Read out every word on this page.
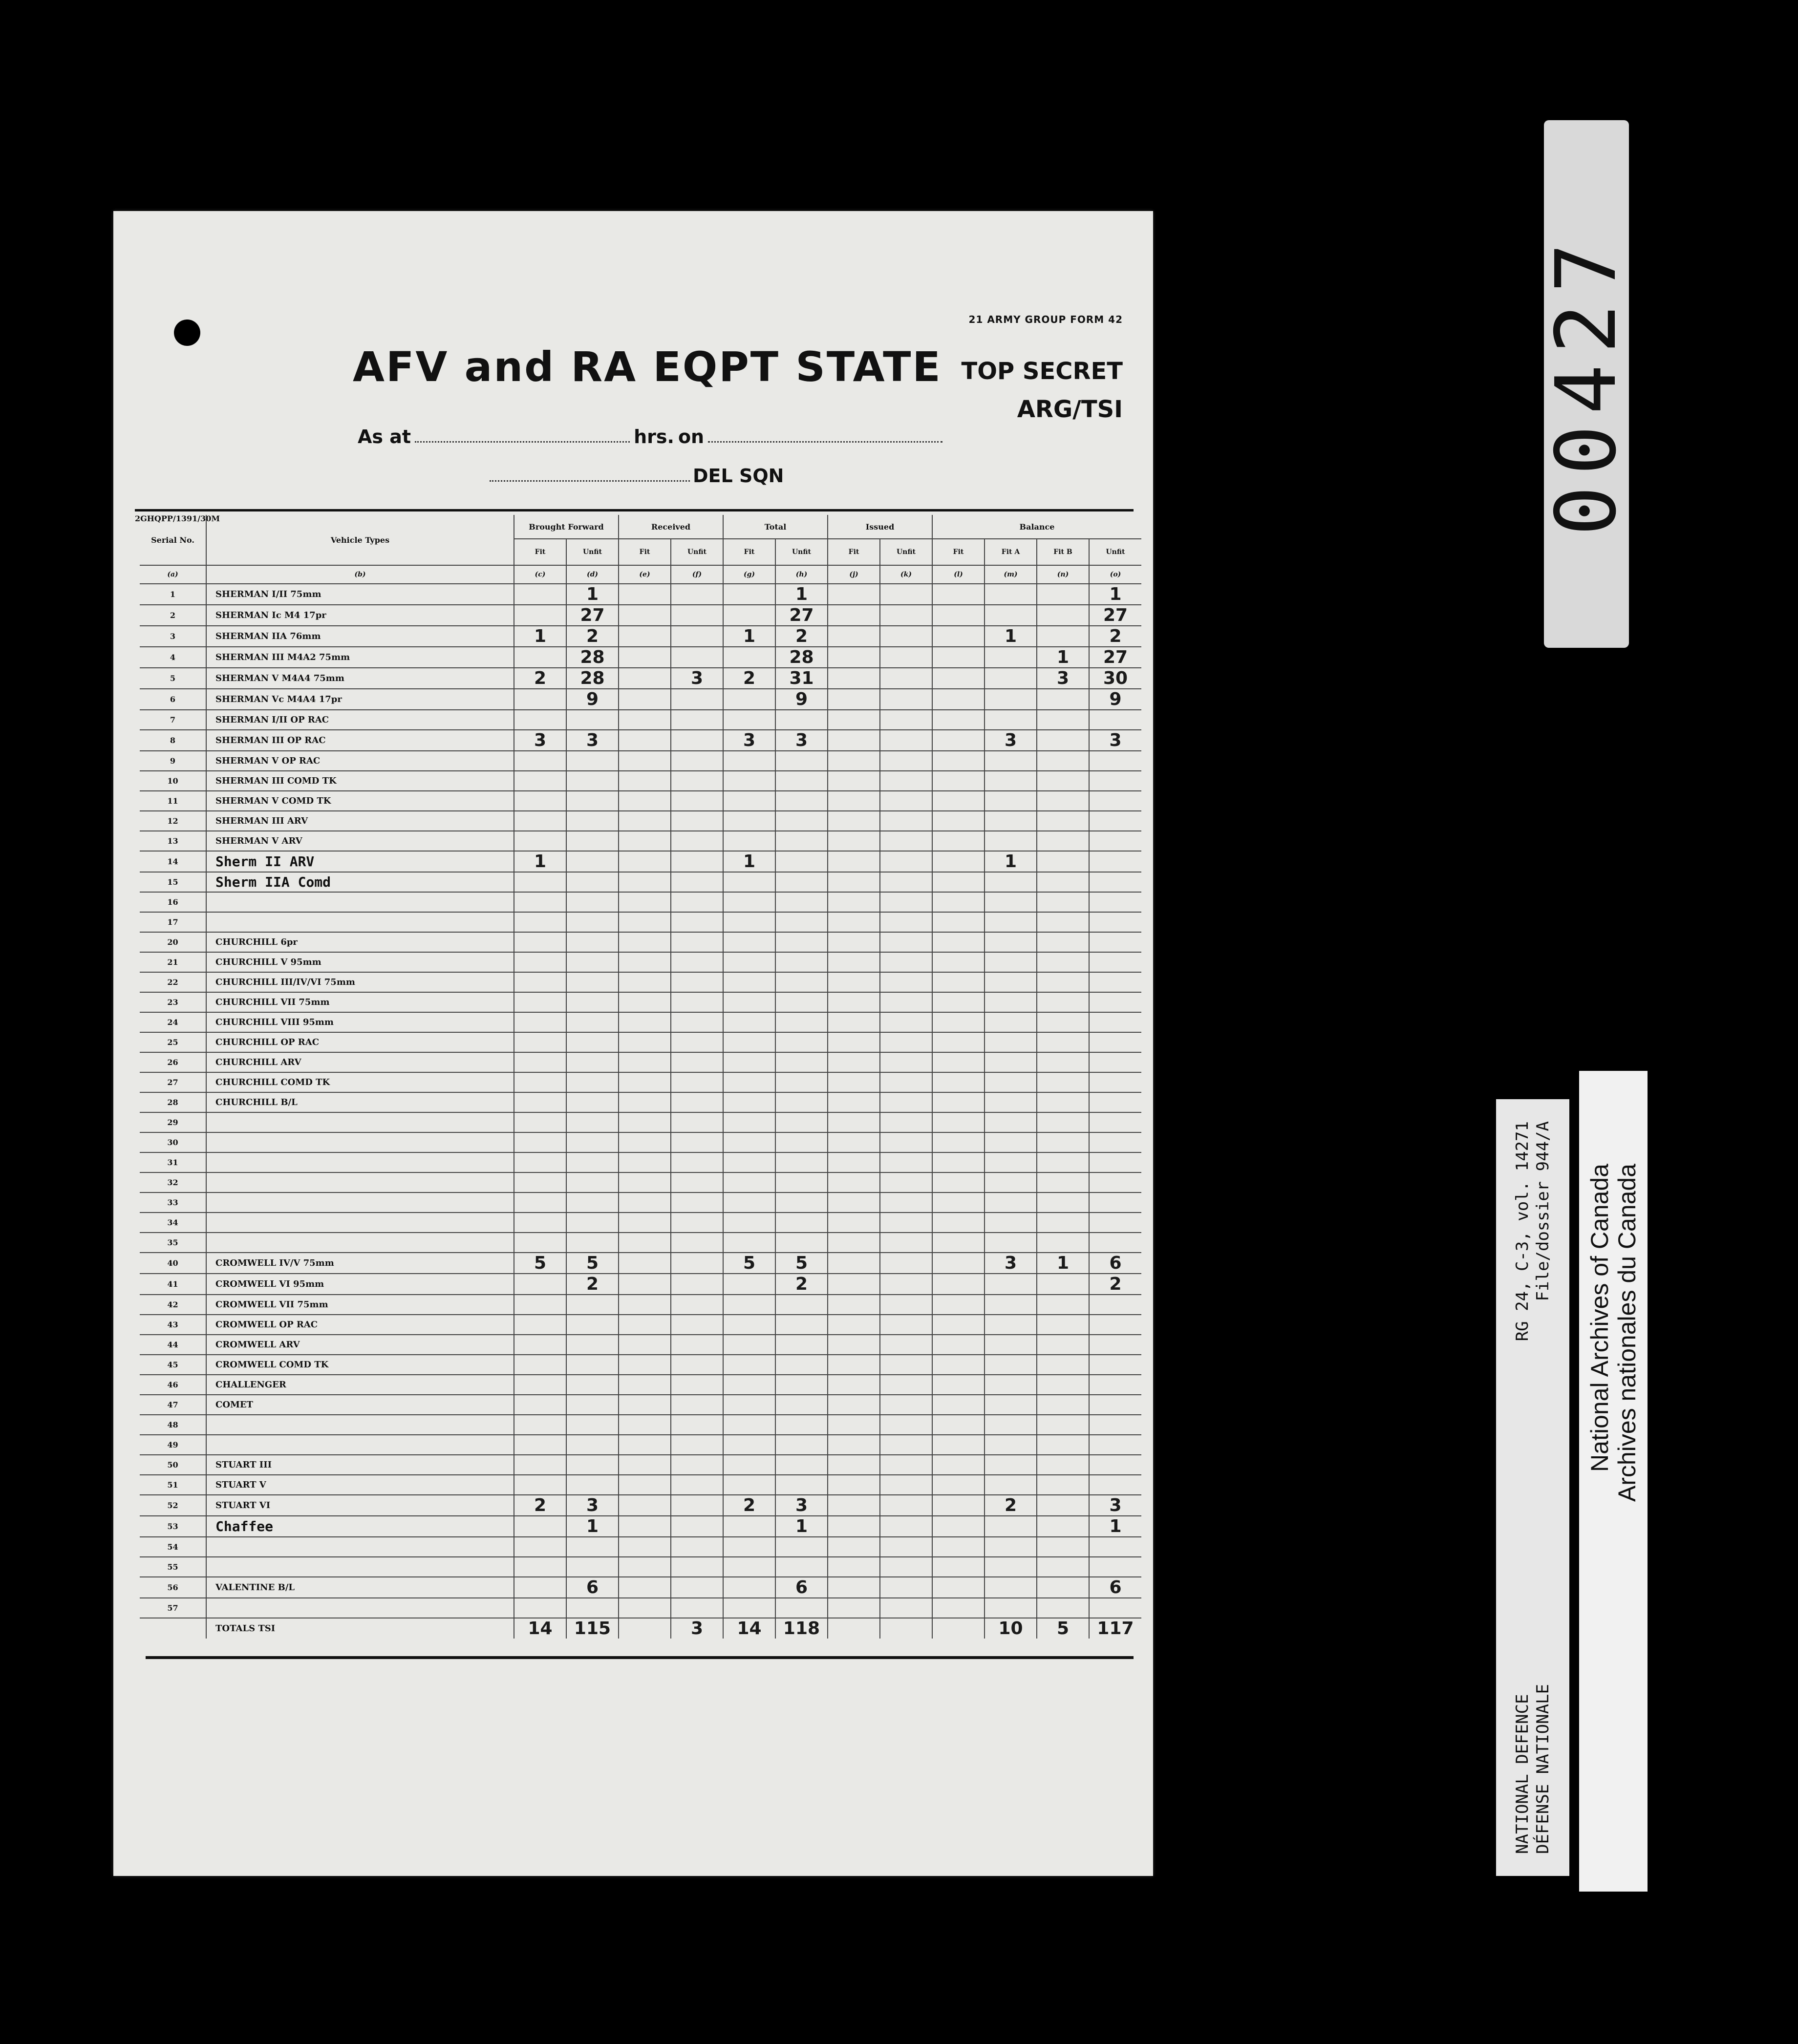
21 ARMY GROUP FORM 42
AFV and RA EQPT STATE TOP SECRET
ARG/TSI
As at	hrs. on
DEL SQN
2GHQPP/1391/30M
Serial No.	Vehicle Types	Brought Forward		Received		Total		Issued		Balance			
		Fit	Unfit	Fit	Unfit	Fit	Unfit	Fit	Unfit	Fit	Fit A	Fit B	Unfit
(a)	(b)	(c)	(d)	(e)	(f)	(g)	(h)	(j)	(k)	(l)	(m)	(n)	(o)
1	SHERMAN I/II 75mm		1				1						1
2	SHERMAN Ic M4 17pr		27				27						27
3	SHERMAN IIA 76mm	1	2			1	2				1		2
4	SHERMAN III M4A2 75mm		28				28					1	27
5	SHERMAN V M4A4 75mm	2	28		3	2	31					3	30
6	SHERMAN Vc M4A4 17pr		9				9						9
7	SHERMAN I/II OP RAC												
8	SHERMAN III OP RAC	3	3			3	3				3		3
9	SHERMAN V OP RAC												
10	SHERMAN III COMD TK												
11	SHERMAN V COMD TK												
12	SHERMAN III ARV												
13	SHERMAN V ARV												
14	Sherm II ARV	1				1					1		
15	Sherm IIA Comd												
16													
17													
20	CHURCHILL 6pr												
21	CHURCHILL V 95mm												
22	CHURCHILL III/IV/VI 75mm												
23	CHURCHILL VII 75mm												
24	CHURCHILL VIII 95mm												
25	CHURCHILL OP RAC												
26	CHURCHILL ARV												
27	CHURCHILL COMD TK												
28	CHURCHILL B/L												
29													
30													
31													
32													
33													
34													
35													
40	CROMWELL IV/V 75mm	5	5			5	5				3	1	6
41	CROMWELL VI 95mm		2				2						2
42	CROMWELL VII 75mm												
43	CROMWELL OP RAC												
44	CROMWELL ARV												
45	CROMWELL COMD TK												
46	CHALLENGER												
47	COMET												
48													
49													
50	STUART III												
51	STUART V												
52	STUART VI	2	3			2	3				2		3
53	Chaffee		1				1						1
54													
55													
56	VALENTINE B/L		6				6						6
57													
	TOTALS TSI	14	115		3	14	118				10	5	117
00427
NATIONAL DEFENCE
RG 24, C-3, vol. 14271
DÉFENSE NATIONALE
File/dossier 944/A National Archives of Canada Archives nationales du Canada
